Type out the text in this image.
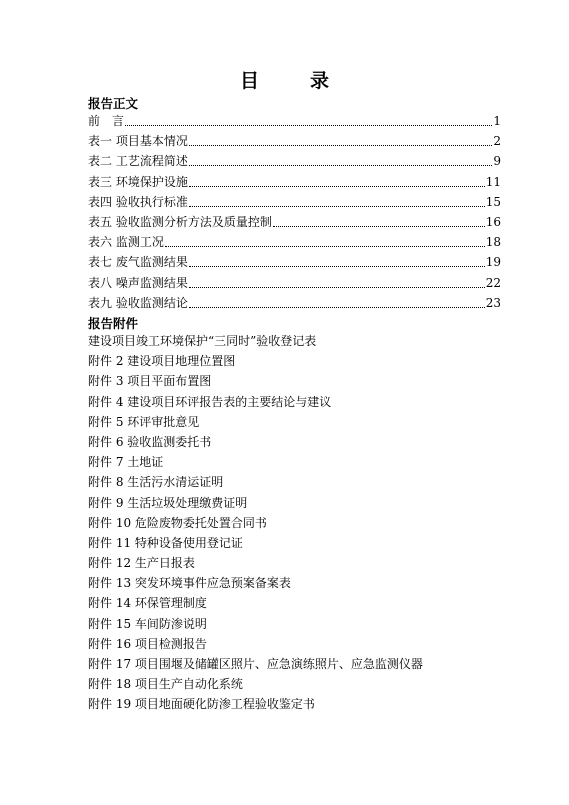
目　录
报告正文
前　言	1
表一 项目基本情况	2
表二 工艺流程简述	9
表三 环境保护设施	11
表四 验收执行标准	15
表五 验收监测分析方法及质量控制	16
表六 监测工况	18
表七 废气监测结果	19
表八 噪声监测结果	22
表九 验收监测结论	23
报告附件
建设项目竣工环境保护“三同时”验收登记表
附件 2 建设项目地理位置图
附件 3 项目平面布置图
附件 4 建设项目环评报告表的主要结论与建议
附件 5 环评审批意见
附件 6 验收监测委托书
附件 7 土地证
附件 8 生活污水清运证明
附件 9 生活垃圾处理缴费证明
附件 10 危险废物委托处置合同书
附件 11 特种设备使用登记证
附件 12 生产日报表
附件 13 突发环境事件应急预案备案表
附件 14 环保管理制度
附件 15 车间防渗说明
附件 16 项目检测报告
附件 17 项目围堰及储罐区照片、应急演练照片、应急监测仪器
附件 18 项目生产自动化系统
附件 19 项目地面硬化防渗工程验收鉴定书
